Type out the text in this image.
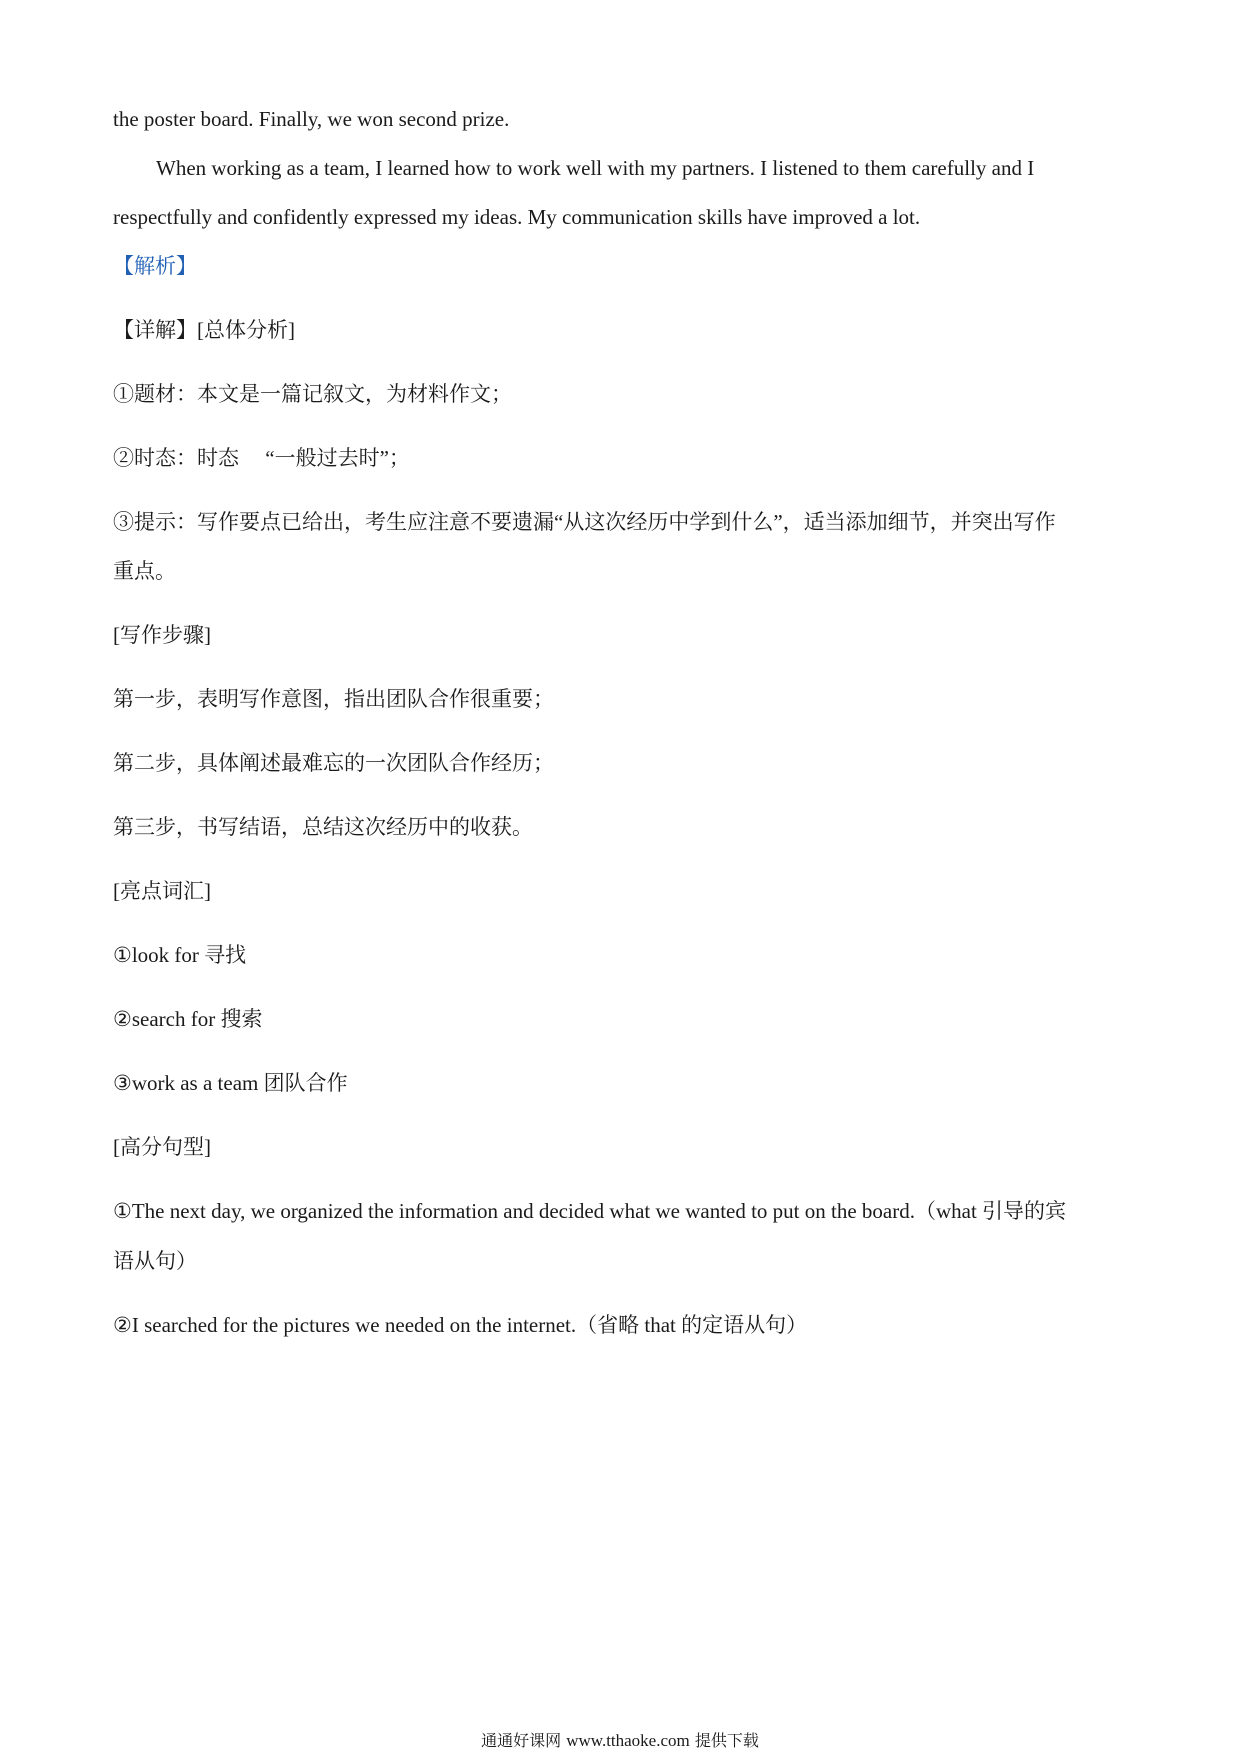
the poster board. Finally, we won second prize.
When working as a team, I learned how to work well with my partners. I listened to them carefully and I
respectfully and confidently expressed my ideas. My communication skills have improved a lot.
【解析】
【详解】[总体分析]
①题材：本文是一篇记叙文，为材料作文；
②时态：时态 　“一般过去时”；
③提示：写作要点已给出，考生应注意不要遗漏“从这次经历中学到什么”，适当添加细节，并突出写作
重点。
[写作步骤]
第一步，表明写作意图，指出团队合作很重要；
第二步，具体阐述最难忘的一次团队合作经历；
第三步，书写结语，总结这次经历中的收获。
[亮点词汇]
①look for 寻找
②search for 搜索
③work as a team 团队合作
[高分句型]
①The next day, we organized the information and decided what we wanted to put on the board.（what 引导的宾
语从句）
②I searched for the pictures we needed on the internet.（省略 that 的定语从句）
通通好课网 www.tthaoke.com 提供下载
